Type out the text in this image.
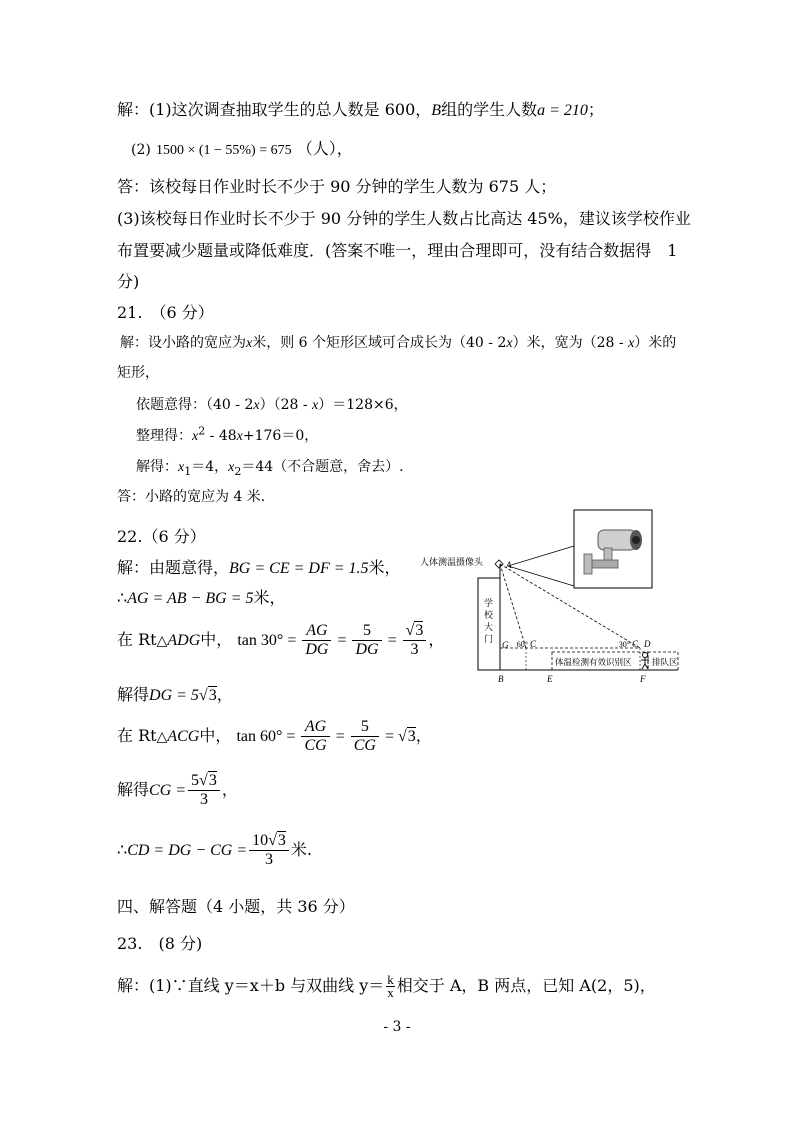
解：(1)这次调查抽取学生的总人数是 600，B组的学生人数a = 210；
(2) 1500 × (1 − 55%) = 675 （人），
答：该校每日作业时长不少于 90 分钟的学生人数为 675 人；
(3)该校每日作业时长不少于 90 分钟的学生人数占比高达 45%，建议该学校作业
布置要减少题量或降低难度．(答案不唯一，理由合理即可，没有结合数据得　1
分)
21.　（6 分）
解：设小路的宽应为x米，则 6 个矩形区域可合成长为（40 - 2x）米，宽为（28 - x）米的
矩形，
依题意得：（40 - 2x）（28 - x）＝128×6，
整理得：$x^2 - 48x+176=0$，
解得：$x_1=4$，$x_2=44$（不合题意，舍去）.
答：小路的宽应为 4 米．
22.（6 分）
解：由题意得，BG = CE = DF = 1.5米，
∴AG = AB − BG = 5米，
在 Rt△ADG中， $\tan 30^\circ = \frac{AG}{DG} = \frac{5}{DG} = \frac{√3}{3}$ ，
解得DG = 5√3，
在 Rt△ACG中， $\tan 60^\circ = \frac{AG}{CG} = \frac{5}{CG} = √3$，
解得CG = $\frac{5√3}{3}$ ，
∴CD = DG − CG = $\frac{10√3}{3}$ 米.
人体测温摄像头
学
校
大
门
体温检测有效识别区 排队区
A
G C	C D
B	E	F
60°	30°
四、解答题（4 小题，共 36 分）
23.　(8 分)
解：(1)∵直线 y＝x＋b 与双曲线 $y= \frac{k}{x}$ 相交于 A，B 两点，已知 A(2，5)，
- 3 -
